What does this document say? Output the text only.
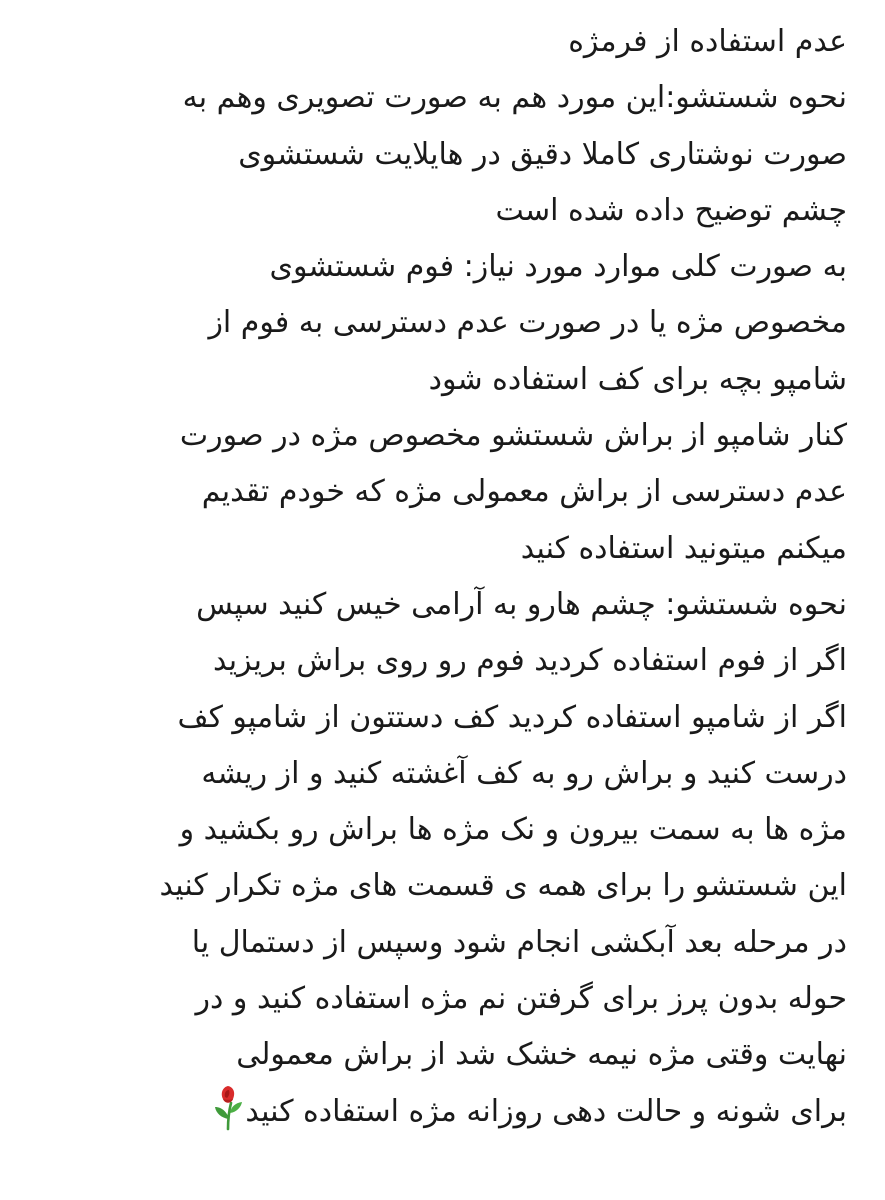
عدم استفاده از فرمژه
نحوه شستشو:این مورد هم به صورت تصویری وهم به
صورت نوشتاری کاملا دقیق در هایلایت شستشوی
چشم توضیح داده شده است
به صورت کلی موارد مورد نیاز: فوم شستشوی
مخصوص مژه یا در صورت عدم دسترسی به فوم از
شامپو بچه برای کف استفاده شود
کنار شامپو از براش شستشو مخصوص مژه در صورت
عدم دسترسی از براش معمولی مژه که خودم تقدیم
میکنم میتونید استفاده کنید
نحوه شستشو: چشم هارو به آرامی خیس کنید سپس
اگر از فوم استفاده کردید فوم رو روی براش بریزید
اگر از شامپو استفاده کردید کف دستتون از شامپو کف
درست کنید و براش رو به کف آغشته کنید و از ریشه
مژه ها به سمت بیرون و نک مژه ها براش رو بکشید و
این شستشو را برای همه ی قسمت های مژه تکرار کنید
در مرحله بعد آبکشی انجام شود وسپس از دستمال یا
حوله بدون پرز برای گرفتن نم مژه استفاده کنید و در
نهایت وقتی مژه نیمه خشک شد از براش معمولی
برای شونه و حالت دهی روزانه مژه استفاده کنید
